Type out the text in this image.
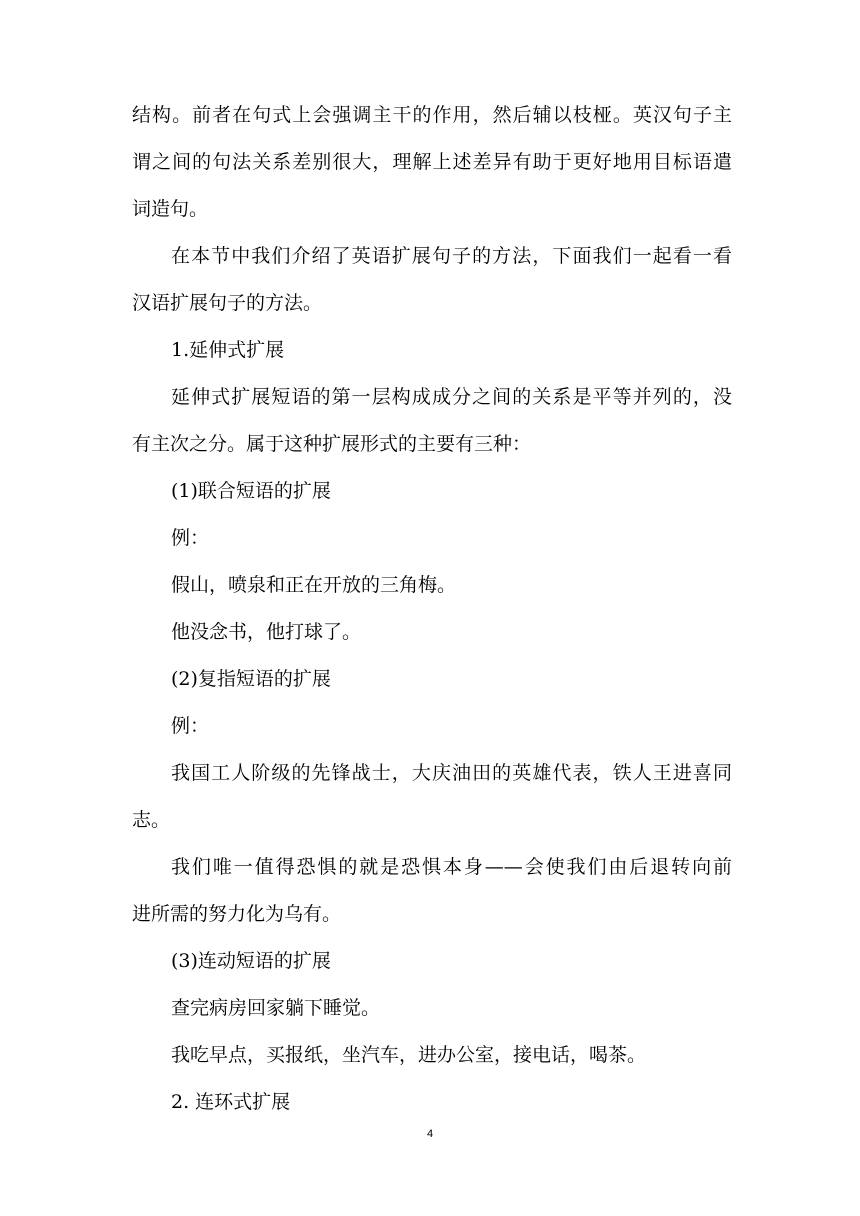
结构。前者在句式上会强调主干的作用，然后辅以枝桠。英汉句子主
谓之间的句法关系差别很大，理解上述差异有助于更好地用目标语遣
词造句。
在本节中我们介绍了英语扩展句子的方法，下面我们一起看一看
汉语扩展句子的方法。
1.延伸式扩展
延伸式扩展短语的第一层构成成分之间的关系是平等并列的，没
有主次之分。属于这种扩展形式的主要有三种：
(1)联合短语的扩展
例：
假山，喷泉和正在开放的三角梅。
他没念书，他打球了。
(2)复指短语的扩展
例：
我国工人阶级的先锋战士，大庆油田的英雄代表，铁人王进喜同
志。
我们唯一值得恐惧的就是恐惧本身——会使我们由后退转向前
进所需的努力化为乌有。
(3)连动短语的扩展
查完病房回家躺下睡觉。
我吃早点，买报纸，坐汽车，进办公室，接电话，喝茶。
2. 连环式扩展
4
